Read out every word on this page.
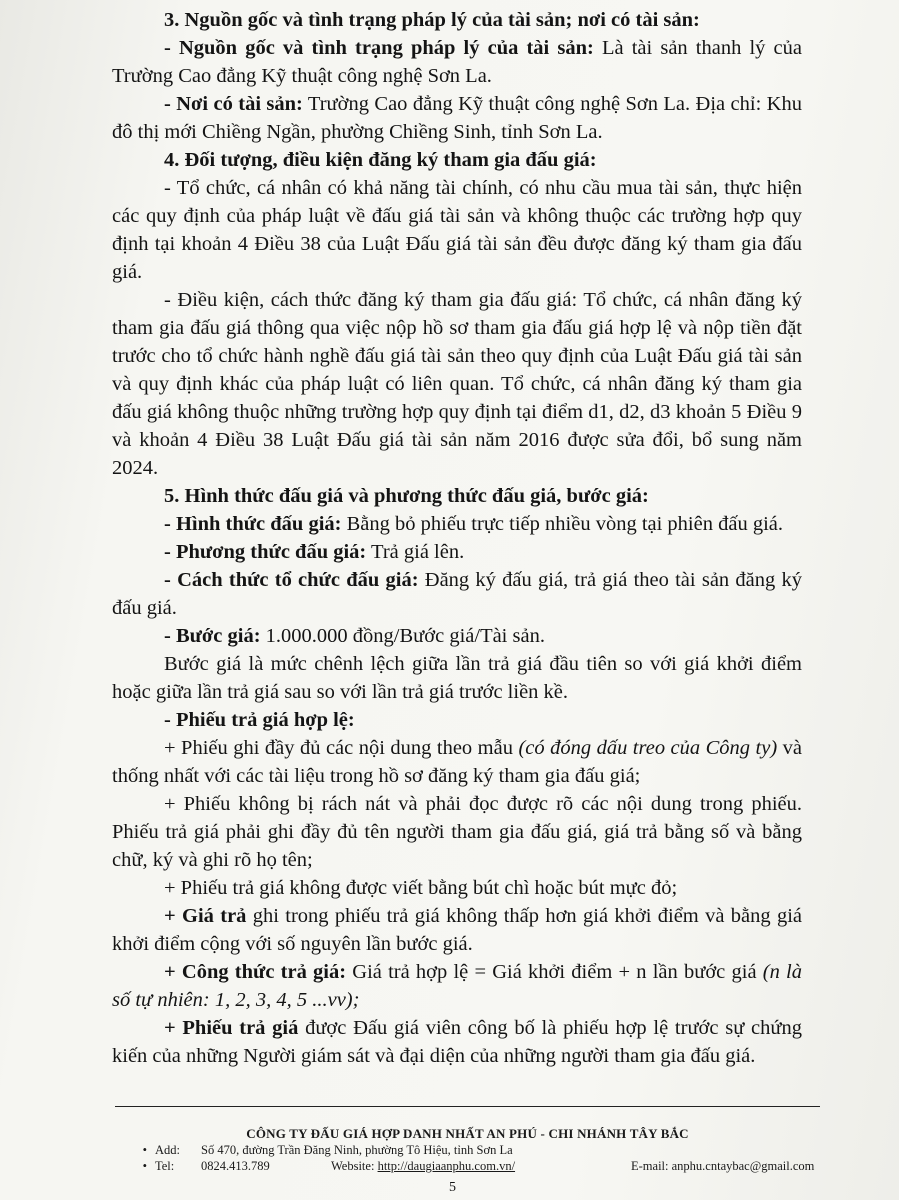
3. Nguồn gốc và tình trạng pháp lý của tài sản; nơi có tài sản:

- Nguồn gốc và tình trạng pháp lý của tài sản: Là tài sản thanh lý của Trường Cao đẳng Kỹ thuật công nghệ Sơn La.

- Nơi có tài sản: Trường Cao đẳng Kỹ thuật công nghệ Sơn La. Địa chỉ: Khu đô thị mới Chiềng Ngần, phường Chiềng Sinh, tỉnh Sơn La.

4. Đối tượng, điều kiện đăng ký tham gia đấu giá:

- Tổ chức, cá nhân có khả năng tài chính, có nhu cầu mua tài sản, thực hiện các quy định của pháp luật về đấu giá tài sản và không thuộc các trường hợp quy định tại khoản 4 Điều 38 của Luật Đấu giá tài sản đều được đăng ký tham gia đấu giá.

- Điều kiện, cách thức đăng ký tham gia đấu giá: Tổ chức, cá nhân đăng ký tham gia đấu giá thông qua việc nộp hồ sơ tham gia đấu giá hợp lệ và nộp tiền đặt trước cho tổ chức hành nghề đấu giá tài sản theo quy định của Luật Đấu giá tài sản và quy định khác của pháp luật có liên quan. Tổ chức, cá nhân đăng ký tham gia đấu giá không thuộc những trường hợp quy định tại điểm d1, d2, d3 khoản 5 Điều 9 và khoản 4 Điều 38 Luật Đấu giá tài sản năm 2016 được sửa đổi, bổ sung năm 2024.

5. Hình thức đấu giá và phương thức đấu giá, bước giá:

- Hình thức đấu giá: Bằng bỏ phiếu trực tiếp nhiều vòng tại phiên đấu giá.

- Phương thức đấu giá: Trả giá lên.

- Cách thức tổ chức đấu giá: Đăng ký đấu giá, trả giá theo tài sản đăng ký đấu giá.

- Bước giá: 1.000.000 đồng/Bước giá/Tài sản.

Bước giá là mức chênh lệch giữa lần trả giá đầu tiên so với giá khởi điểm hoặc giữa lần trả giá sau so với lần trả giá trước liền kề.

- Phiếu trả giá hợp lệ:

+ Phiếu ghi đầy đủ các nội dung theo mẫu (có đóng dấu treo của Công ty) và thống nhất với các tài liệu trong hồ sơ đăng ký tham gia đấu giá;

+ Phiếu không bị rách nát và phải đọc được rõ các nội dung trong phiếu. Phiếu trả giá phải ghi đầy đủ tên người tham gia đấu giá, giá trả bằng số và bằng chữ, ký và ghi rõ họ tên;

+ Phiếu trả giá không được viết bằng bút chì hoặc bút mực đỏ;

+ Giá trả ghi trong phiếu trả giá không thấp hơn giá khởi điểm và bằng giá khởi điểm cộng với số nguyên lần bước giá.

+ Công thức trả giá: Giá trả hợp lệ = Giá khởi điểm + n lần bước giá (n là số tự nhiên: 1, 2, 3, 4, 5 ...vv);

+ Phiếu trả giá được Đấu giá viên công bố là phiếu hợp lệ trước sự chứng kiến của những Người giám sát và đại diện của những người tham gia đấu giá.

CÔNG TY ĐẤU GIÁ HỢP DANH NHẤT AN PHÚ - CHI NHÁNH TÂY BẮC
• Add:	Số 470, đường Trần Đăng Ninh, phường Tô Hiệu, tỉnh Sơn La
• Tel:	0824.413.789	Website: http://daugiaanphu.com.vn/	E-mail: anphu.cntaybac@gmail.com
5
